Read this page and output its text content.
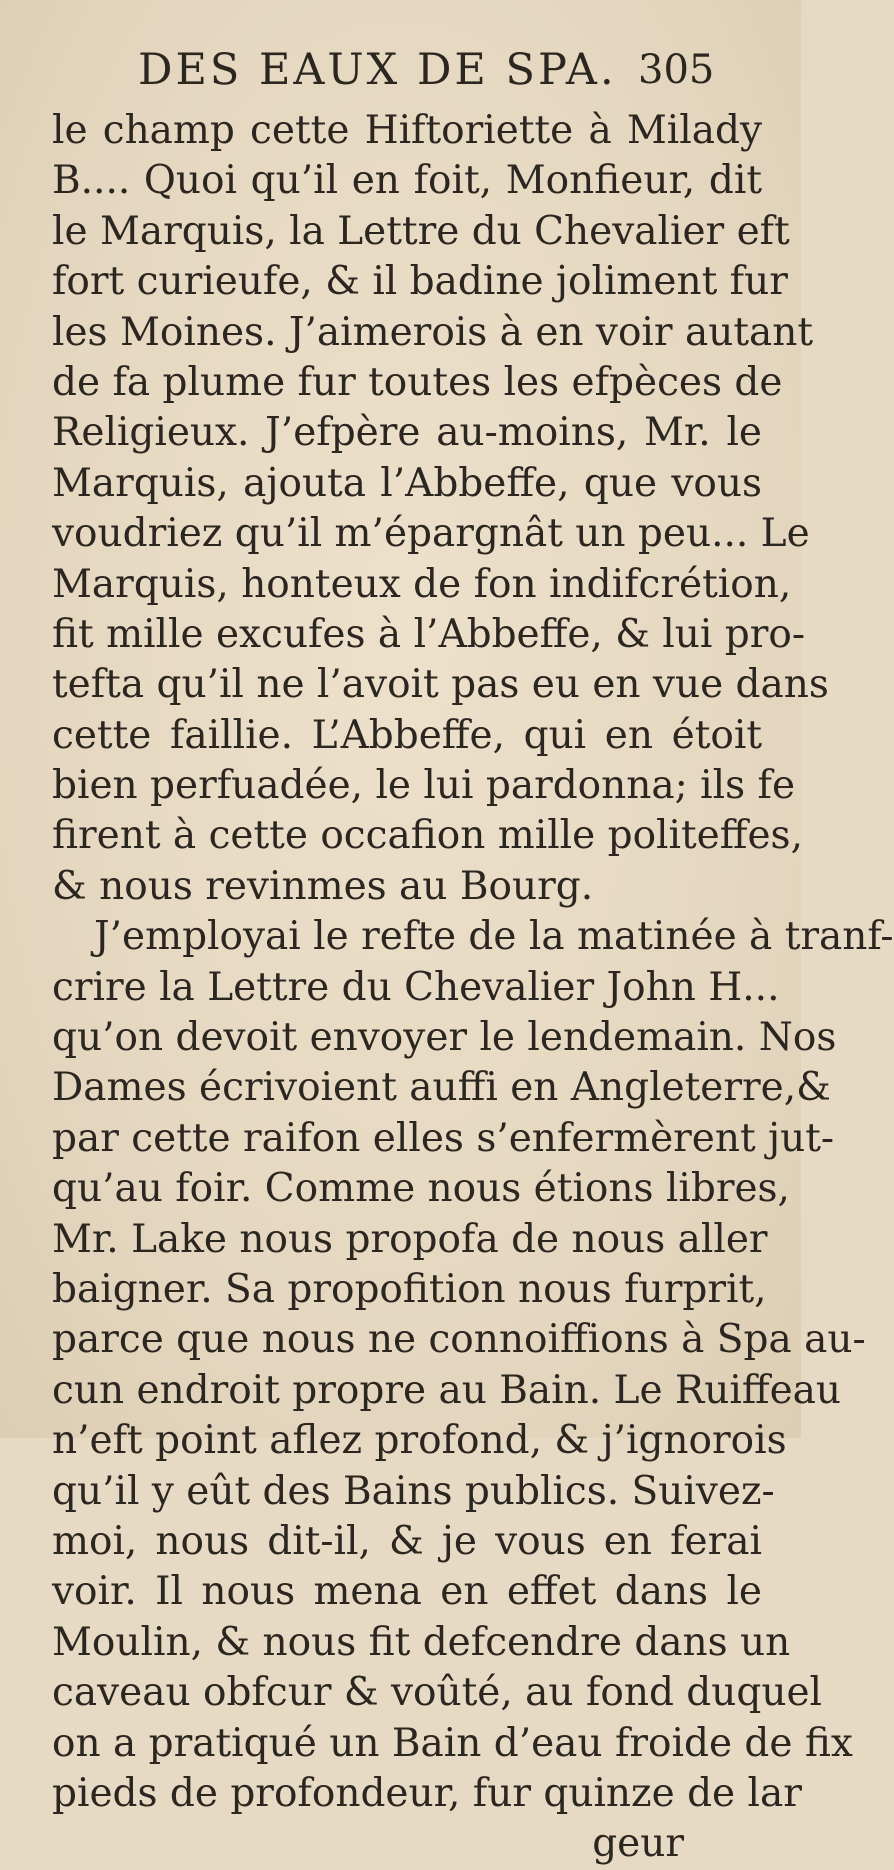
DES EAUX DE SPA. 305
le champ cette Hiftoriette à Milady
B.... Quoi qu’il en foit, Monfieur, dit
le Marquis, la Lettre du Chevalier eft
fort curieufe, & il badine joliment fur
les Moines. J’aimerois à en voir autant
de fa plume fur toutes les efpèces de
Religieux. J’efpère au-moins, Mr. le
Marquis, ajouta l’Abbeffe, que vous
voudriez qu’il m’épargnât un peu... Le
Marquis, honteux de fon indifcrétion,
fit mille excufes à l’Abbeffe, & lui pro-
tefta qu’il ne l’avoit pas eu en vue dans
cette faillie. L’Abbeffe, qui en étoit
bien perfuadée, le lui pardonna; ils fe
firent à cette occafion mille politeffes,
& nous revinmes au Bourg.
J’employai le refte de la matinée à tranf-
crire la Lettre du Chevalier John H...
qu’on devoit envoyer le lendemain. Nos
Dames écrivoient auffi en Angleterre,&
par cette raifon elles s’enfermèrent jut-
qu’au foir. Comme nous étions libres,
Mr. Lake nous propofa de nous aller
baigner. Sa propofition nous furprit,
parce que nous ne connoiffions à Spa au-
cun endroit propre au Bain. Le Ruiffeau
n’eft point aflez profond, & j’ignorois
qu’il y eût des Bains publics. Suivez-
moi, nous dit-il, & je vous en ferai
voir. Il nous mena en effet dans le
Moulin, & nous fit defcendre dans un
caveau obfcur & voûté, au fond duquel
on a pratiqué un Bain d’eau froide de fix
pieds de profondeur, fur quinze de lar
geur
